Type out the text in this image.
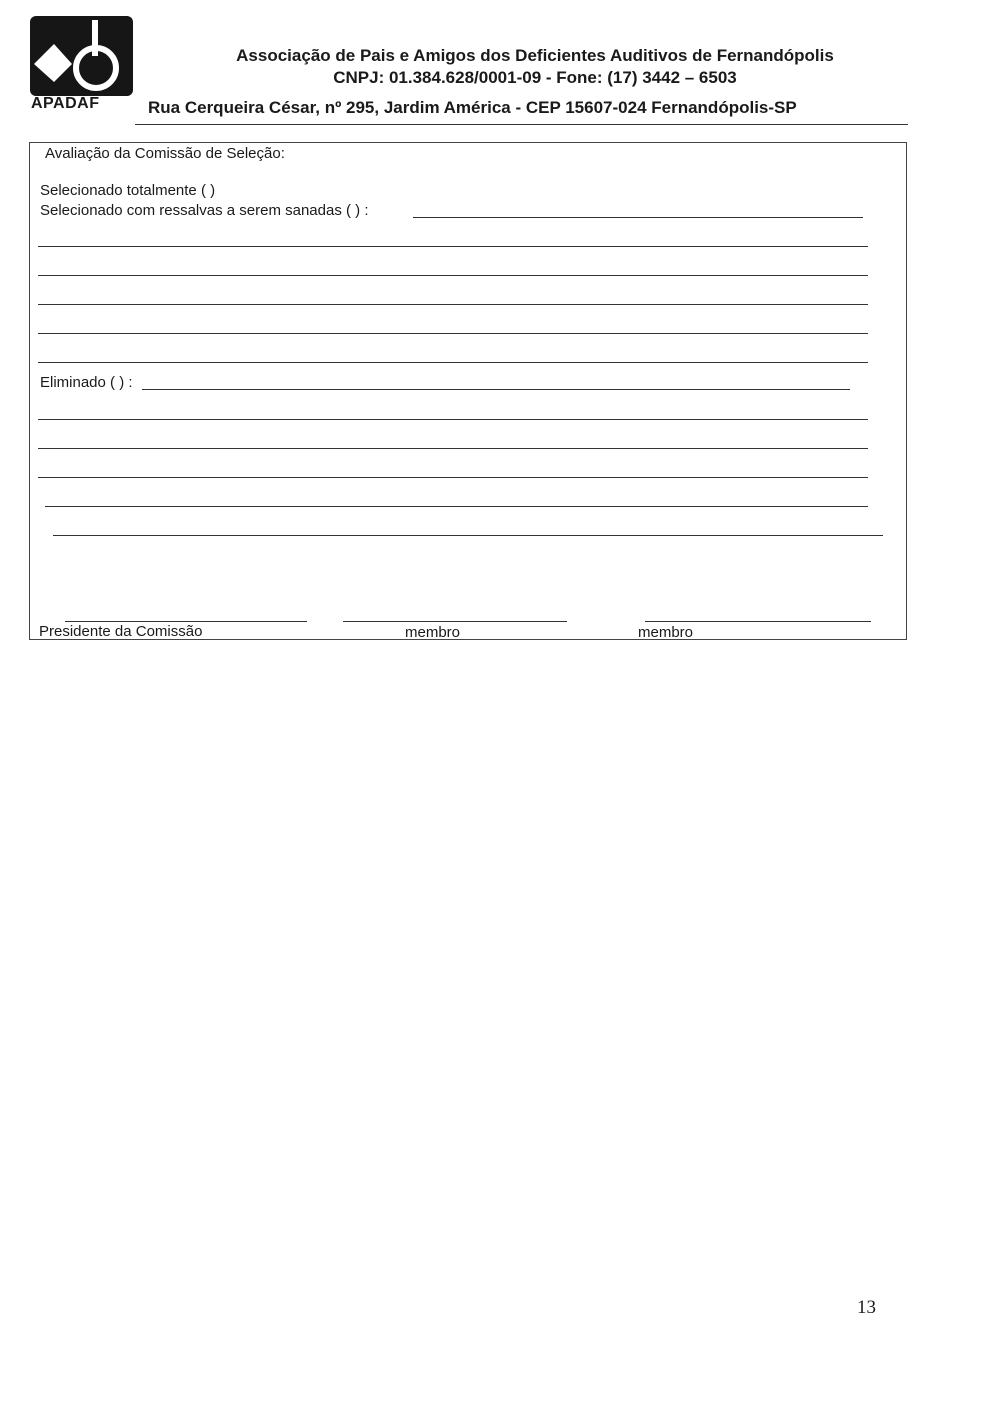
A
APADAF
Associação de Pais e Amigos dos Deficientes Auditivos de Fernandópolis
CNPJ: 01.384.628/0001-09 - Fone: (17) 3442 – 6503
Rua Cerqueira César, nº 295, Jardim América - CEP 15607-024 Fernandópolis-SP
Avaliação da Comissão de Seleção:
Selecionado totalmente ( )
Selecionado com ressalvas a serem sanadas ( ) :
Eliminado ( ) :
Presidente da Comissão	membro	membro
13
